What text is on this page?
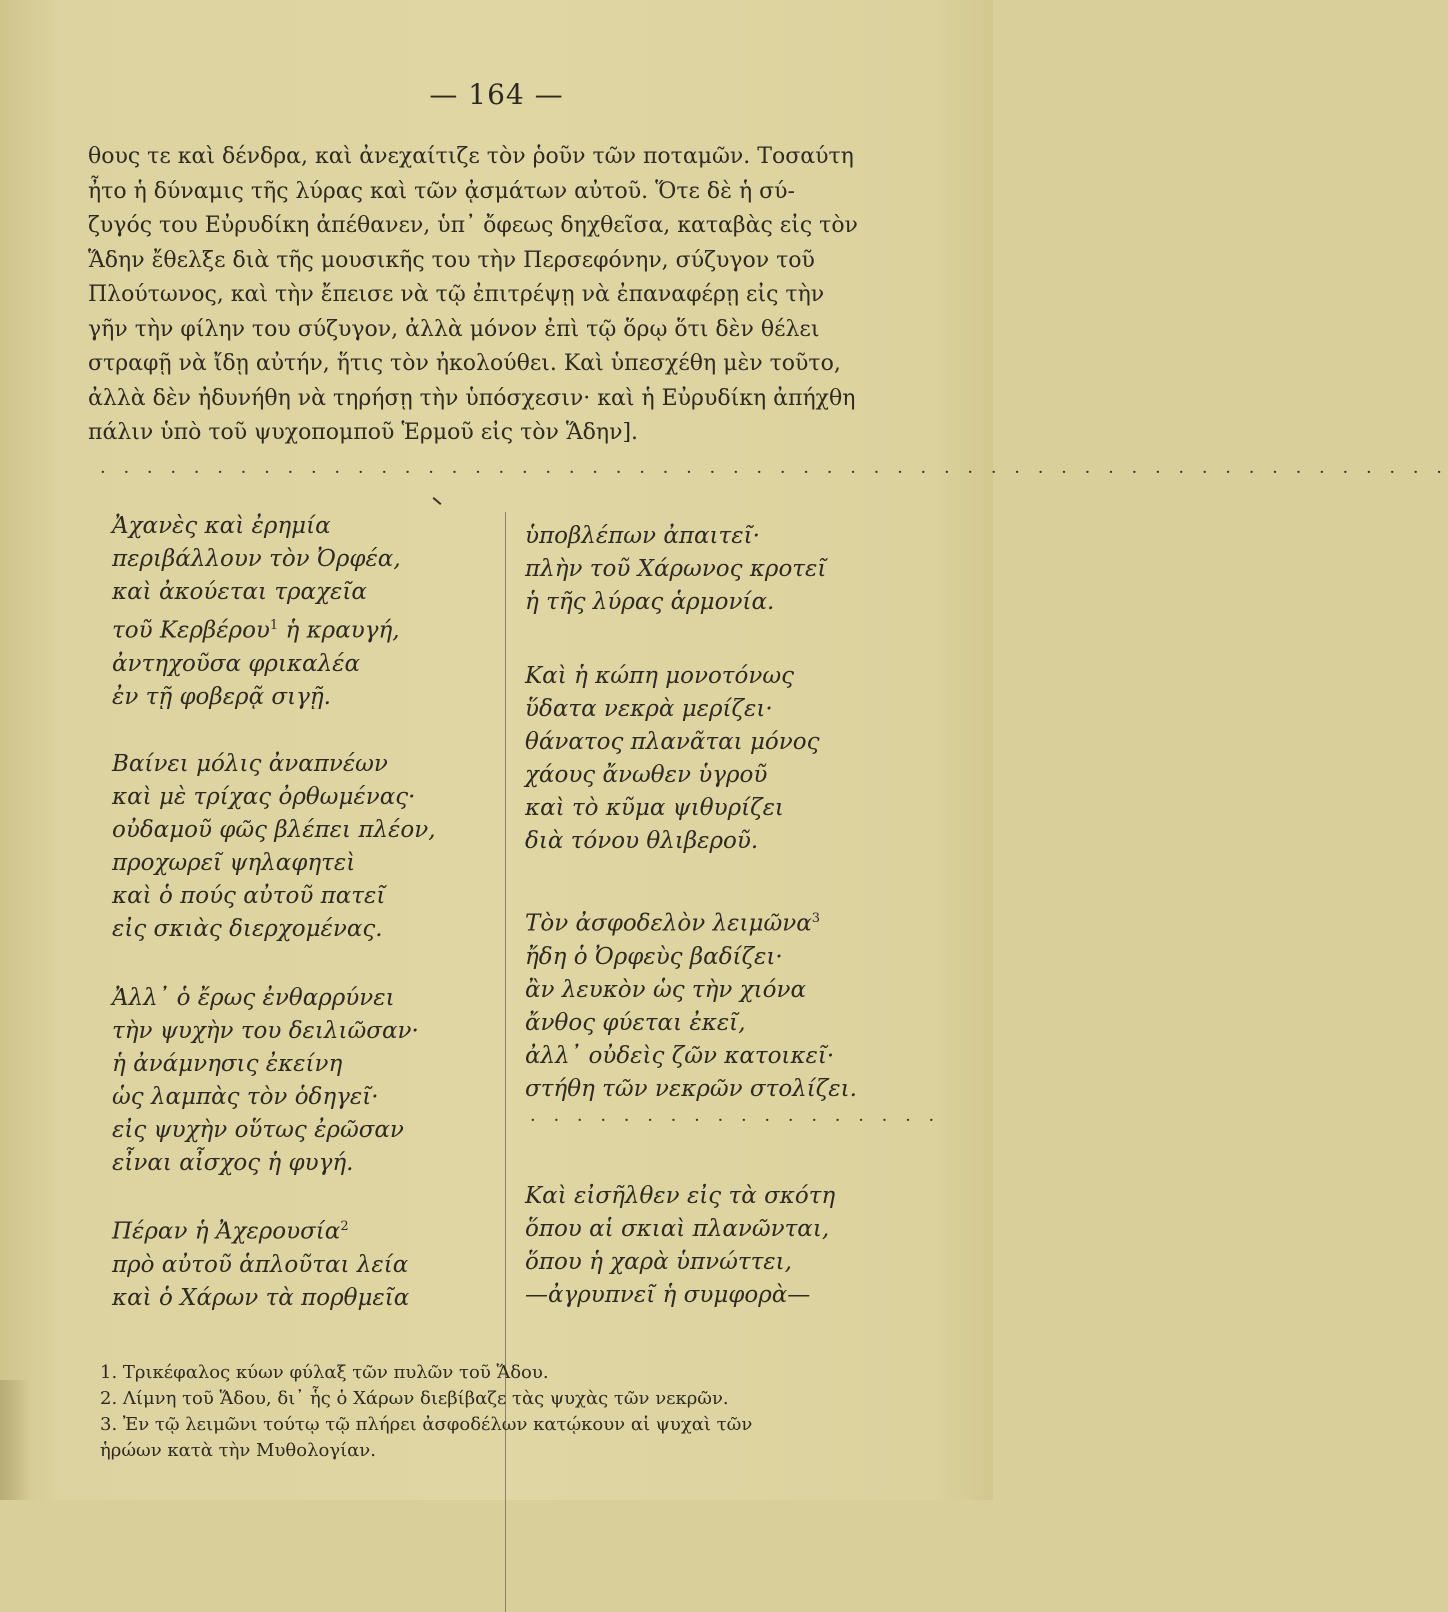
— 164 —
θους τε καὶ δένδρα, καὶ ἀνεχαίτιζε τὸν ῥοῦν τῶν ποταμῶν. Τοσαύτη
ἦτο ἡ δύναμις τῆς λύρας καὶ τῶν ᾀσμάτων αὐτοῦ. Ὅτε δὲ ἡ σύ-
ζυγός του Εὐρυδίκη ἀπέθανεν, ὑπ᾽ ὄφεως δηχθεῖσα, καταβὰς εἰς τὸν
Ἅδην ἔθελξε διὰ τῆς μουσικῆς του τὴν Περσεφόνην, σύζυγον τοῦ
Πλούτωνος, καὶ τὴν ἔπεισε νὰ τῷ ἐπιτρέψῃ νὰ ἐπαναφέρῃ εἰς τὴν
γῆν τὴν φίλην του σύζυγον, ἀλλὰ μόνον ἐπὶ τῷ ὅρῳ ὅτι δὲν θέλει
στραφῇ νὰ ἴδῃ αὐτήν, ἥτις τὸν ἠκολούθει. Καὶ ὑπεσχέθη μὲν τοῦτο,
ἀλλὰ δὲν ἠδυνήθη νὰ τηρήσῃ τὴν ὑπόσχεσιν· καὶ ἡ Εὐρυδίκη ἀπήχθη
πάλιν ὑπὸ τοῦ ψυχοπομποῦ Ἑρμοῦ εἰς τὸν Ἅδην].
· · · · · · · · · · · · · · · · · · · · · · · · · · · · · · · · · · · · · · · · · · · · · · · · · · · · · · · · · ·
Ἀχανὲς καὶ ἐρημία
περιβάλλουν τὸν Ὀρφέα,
καὶ ἀκούεται τραχεῖα
τοῦ Κερβέρου$^1$ ἡ κραυγή,
ἀντηχοῦσα φρικαλέα
ἐν τῇ φοβερᾷ σιγῇ.
Βαίνει μόλις ἀναπνέων
καὶ μὲ τρίχας ὀρθωμένας·
οὐδαμοῦ φῶς βλέπει πλέον,
προχωρεῖ ψηλαφητεὶ
καὶ ὁ πούς αὐτοῦ πατεῖ
εἰς σκιὰς διερχομένας.
Ἀλλ᾽ ὁ ἔρως ἐνθαρρύνει
τὴν ψυχὴν του δειλιῶσαν·
ἡ ἀνάμνησις ἐκείνη
ὡς λαμπὰς τὸν ὁδηγεῖ·
εἰς ψυχὴν οὕτως ἐρῶσαν
εἶναι αἶσχος ἡ φυγή.
Πέραν ἡ Ἀχερουσία$^2$
πρὸ αὐτοῦ ἁπλοῦται λεία
καὶ ὁ Χάρων τὰ πορθμεῖα
ὑποβλέπων ἀπαιτεῖ·
πλὴν τοῦ Χάρωνος κροτεῖ
ἡ τῆς λύρας ἁρμονία.
Καὶ ἡ κώπη μονοτόνως
ὕδατα νεκρὰ μερίζει·
θάνατος πλανᾶται μόνος
χάους ἄνωθεν ὑγροῦ
καὶ τὸ κῦμα ψιθυρίζει
διὰ τόνου θλιβεροῦ.
Τὸν ἀσφοδελὸν λειμῶνα$^3$
ἤδη ὁ Ὀρφεὺς βαδίζει·
ἂν λευκὸν ὡς τὴν χιόνα
ἄνθος φύεται ἐκεῖ,
ἀλλ᾽ οὐδεὶς ζῶν κατοικεῖ·
στήθη τῶν νεκρῶν στολίζει.
· · · · · · · · · · · · · · · · · ·
Καὶ εἰσῆλθεν εἰς τὰ σκότη
ὅπου αἱ σκιαὶ πλανῶνται,
ὅπου ἡ χαρὰ ὑπνώττει,
—ἀγρυπνεῖ ἡ συμφορὰ—
1. Τρικέφαλος κύων φύλαξ τῶν πυλῶν τοῦ Ἅδου.
2. Λίμνη τοῦ Ἅδου, δι᾽ ἧς ὁ Χάρων διεβίβαζε τὰς ψυχὰς τῶν νεκρῶν.
3. Ἐν τῷ λειμῶνι τούτῳ τῷ πλήρει ἀσφοδέλων κατῴκουν αἱ ψυχαὶ τῶν
ἡρώων κατὰ τὴν Μυθολογίαν.
